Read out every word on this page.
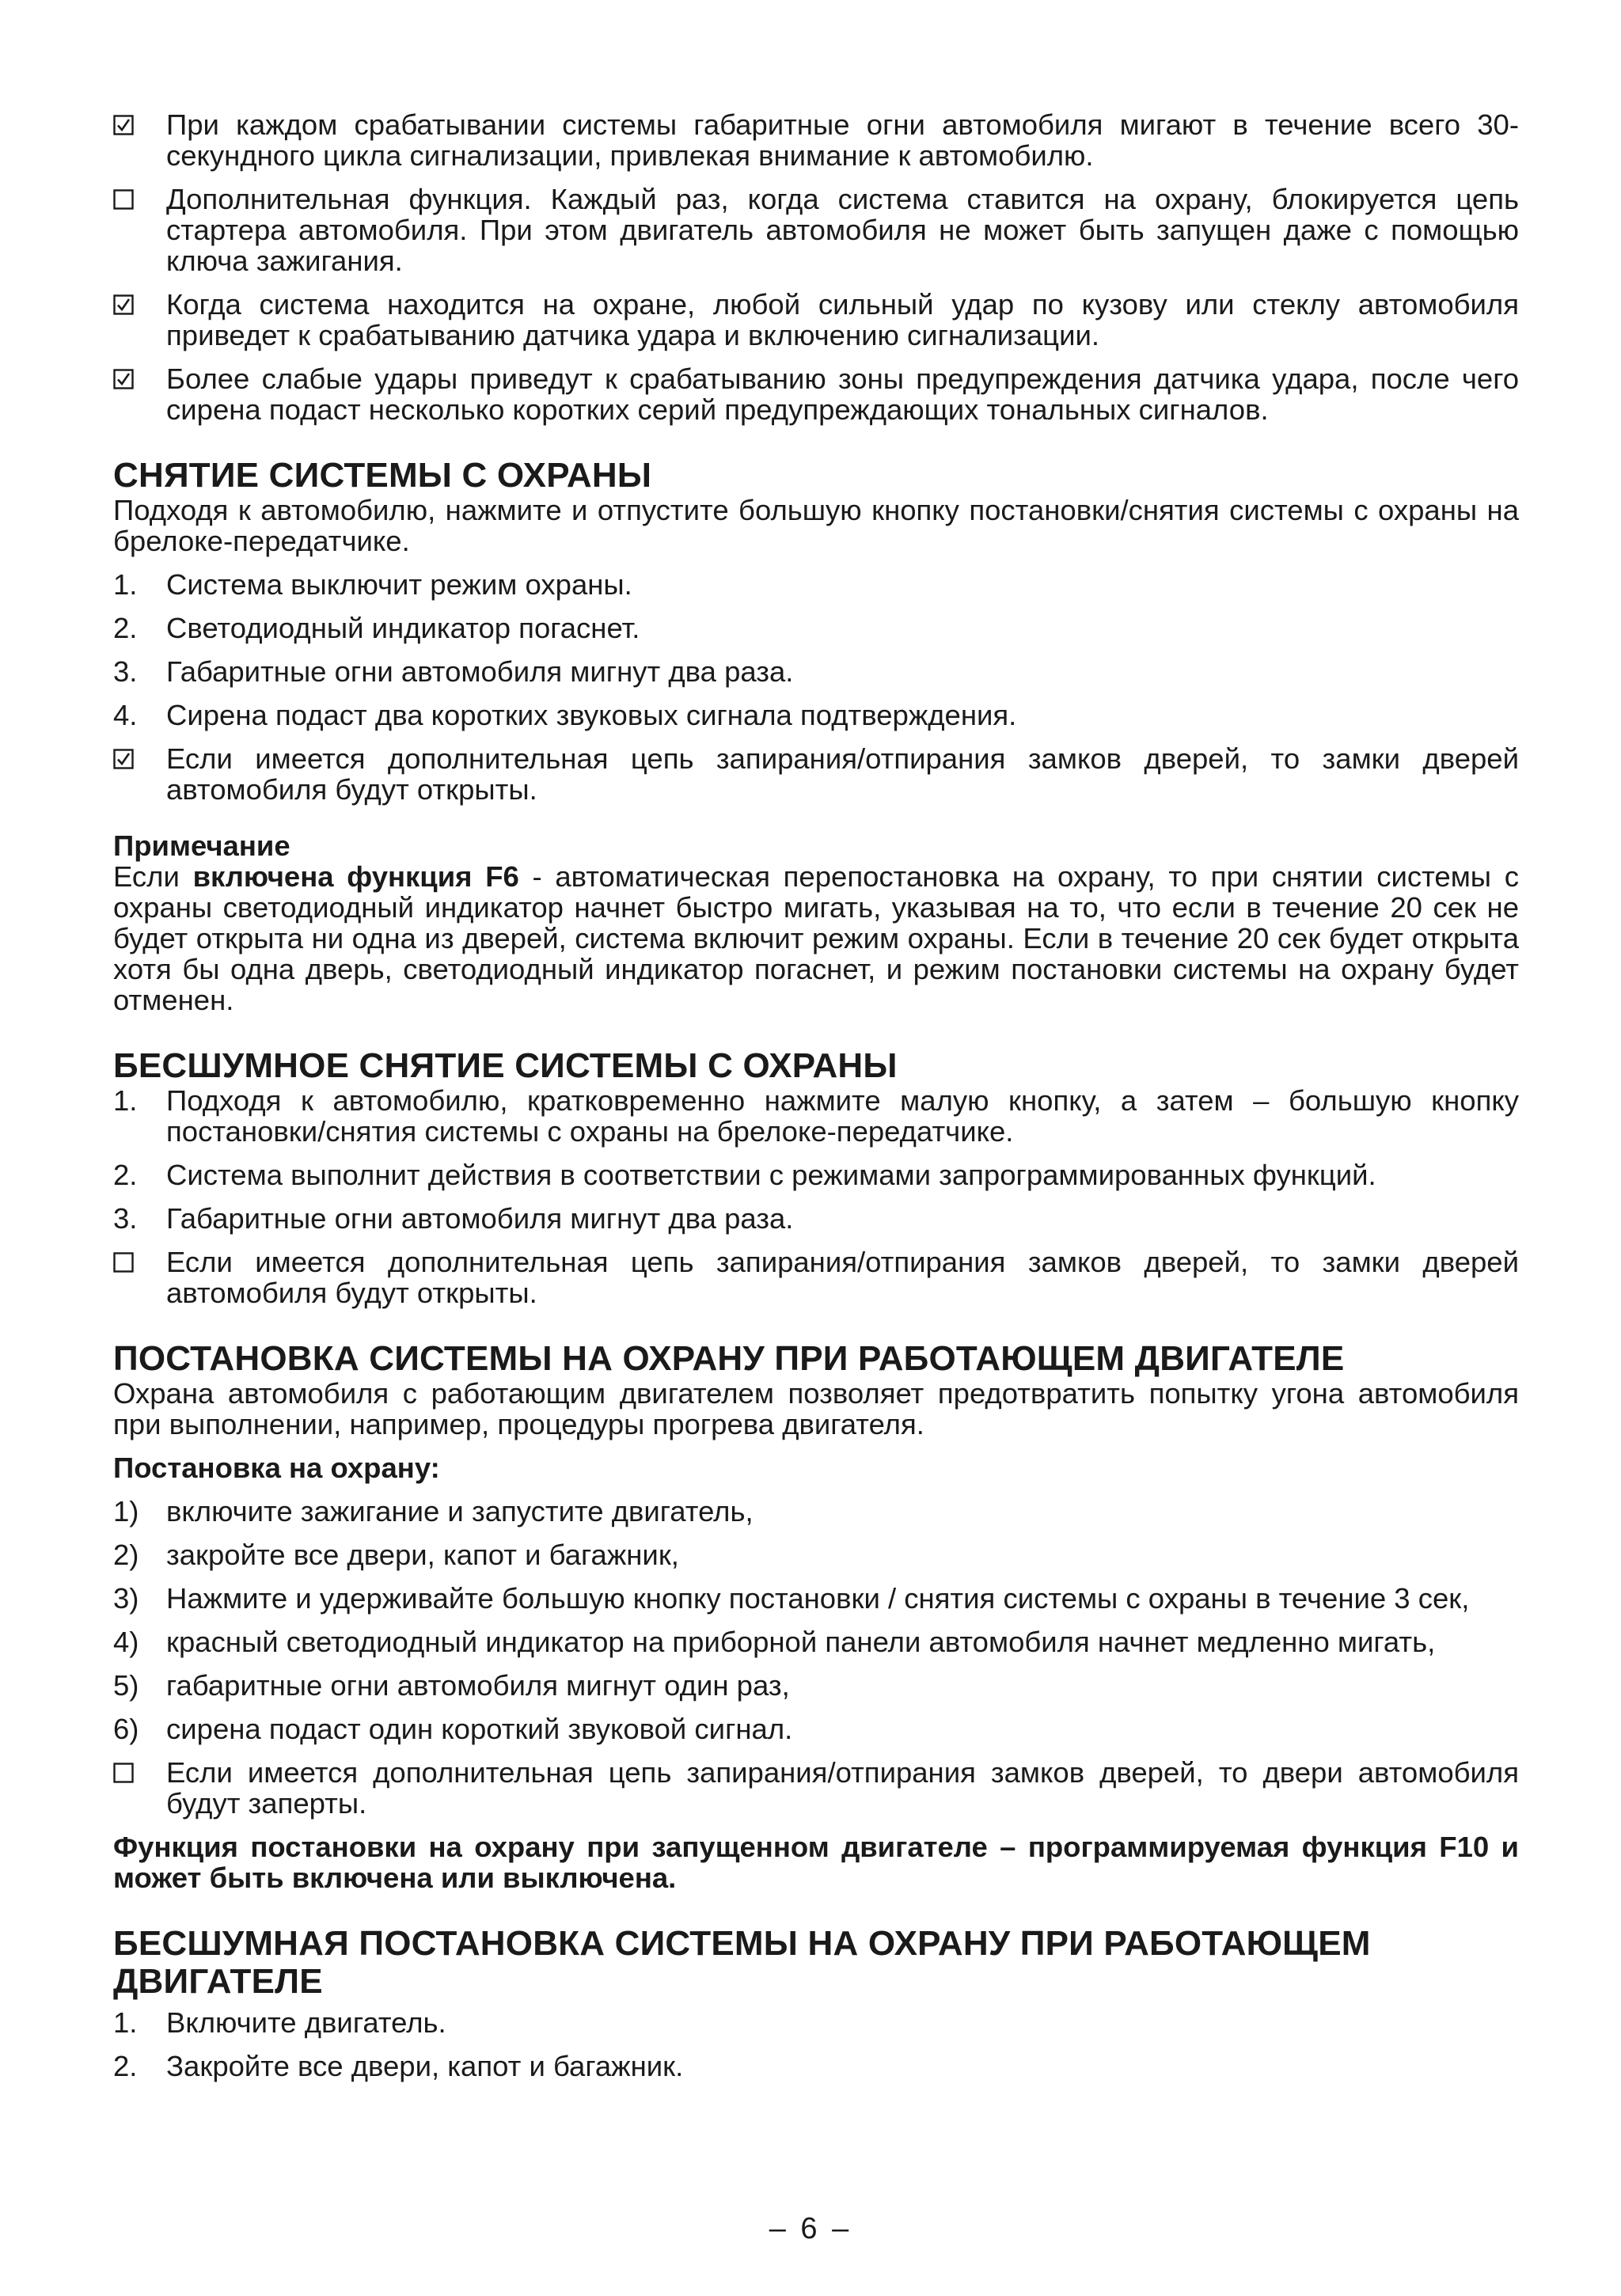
При каждом срабатывании системы габаритные огни автомобиля мигают в течение всего 30-секундного цикла сигнализации, привлекая внимание к автомобилю.
Дополнительная функция. Каждый раз, когда система ставится на охрану, блокируется цепь стартера автомобиля. При этом двигатель автомобиля не может быть запущен даже с помощью ключа зажигания.
Когда система находится на охране, любой сильный удар по кузову или стеклу автомобиля приведет к срабатыванию датчика удара и включению сигнализации.
Более слабые удары приведут к срабатыванию зоны предупреждения датчика удара, после чего сирена подаст несколько коротких серий предупреждающих тональных сигналов.
СНЯТИЕ СИСТЕМЫ С ОХРАНЫ
Подходя к автомобилю, нажмите и отпустите большую кнопку постановки/снятия системы с охраны на брелоке-передатчике.
1.	Система выключит режим охраны.
2.	Светодиодный индикатор погаснет.
3.	Габаритные огни автомобиля мигнут два раза.
4.	Сирена подаст два коротких звуковых сигнала подтверждения.
Если имеется дополнительная цепь запирания/отпирания замков дверей, то замки дверей автомобиля будут открыты.
Примечание
Если включена функция F6 - автоматическая перепостановка на охрану, то при снятии системы с охраны светодиодный индикатор начнет быстро мигать, указывая на то, что если в течение 20 сек не будет открыта ни одна из дверей, система включит режим охраны. Если в течение 20 сек будет открыта хотя бы одна дверь, светодиодный индикатор погаснет, и режим постановки системы на охрану будет отменен.
БЕСШУМНОЕ СНЯТИЕ СИСТЕМЫ С ОХРАНЫ
1.	Подходя к автомобилю, кратковременно нажмите малую кнопку, а затем – большую кнопку постановки/снятия системы с охраны на брелоке-передатчике.
2.	Система выполнит действия в соответствии с режимами запрограммированных функций.
3.	Габаритные огни автомобиля мигнут два раза.
Если имеется дополнительная цепь запирания/отпирания замков дверей, то замки дверей автомобиля будут открыты.
ПОСТАНОВКА СИСТЕМЫ НА ОХРАНУ ПРИ РАБОТАЮЩЕМ ДВИГАТЕЛЕ
Охрана автомобиля с работающим двигателем позволяет предотвратить попытку угона автомобиля при выполнении, например, процедуры прогрева двигателя.
Постановка на охрану:
1) включите зажигание и запустите двигатель,
2) закройте все двери, капот и багажник,
3) Нажмите и удерживайте большую кнопку постановки / снятия системы с охраны в течение 3 сек,
4) красный светодиодный индикатор на приборной панели автомобиля начнет медленно мигать,
5) габаритные огни автомобиля мигнут один раз,
6) сирена подаст один короткий звуковой сигнал.
Если имеется дополнительная цепь запирания/отпирания замков дверей, то двери автомобиля будут заперты.
Функция постановки на охрану при запущенном двигателе – программируемая функция F10 и может быть включена или выключена.
БЕСШУМНАЯ ПОСТАНОВКА СИСТЕМЫ НА ОХРАНУ ПРИ РАБОТАЮЩЕМ ДВИГАТЕЛЕ
1.	Включите двигатель.
2.	Закройте все двери, капот и багажник.
– 6 –
